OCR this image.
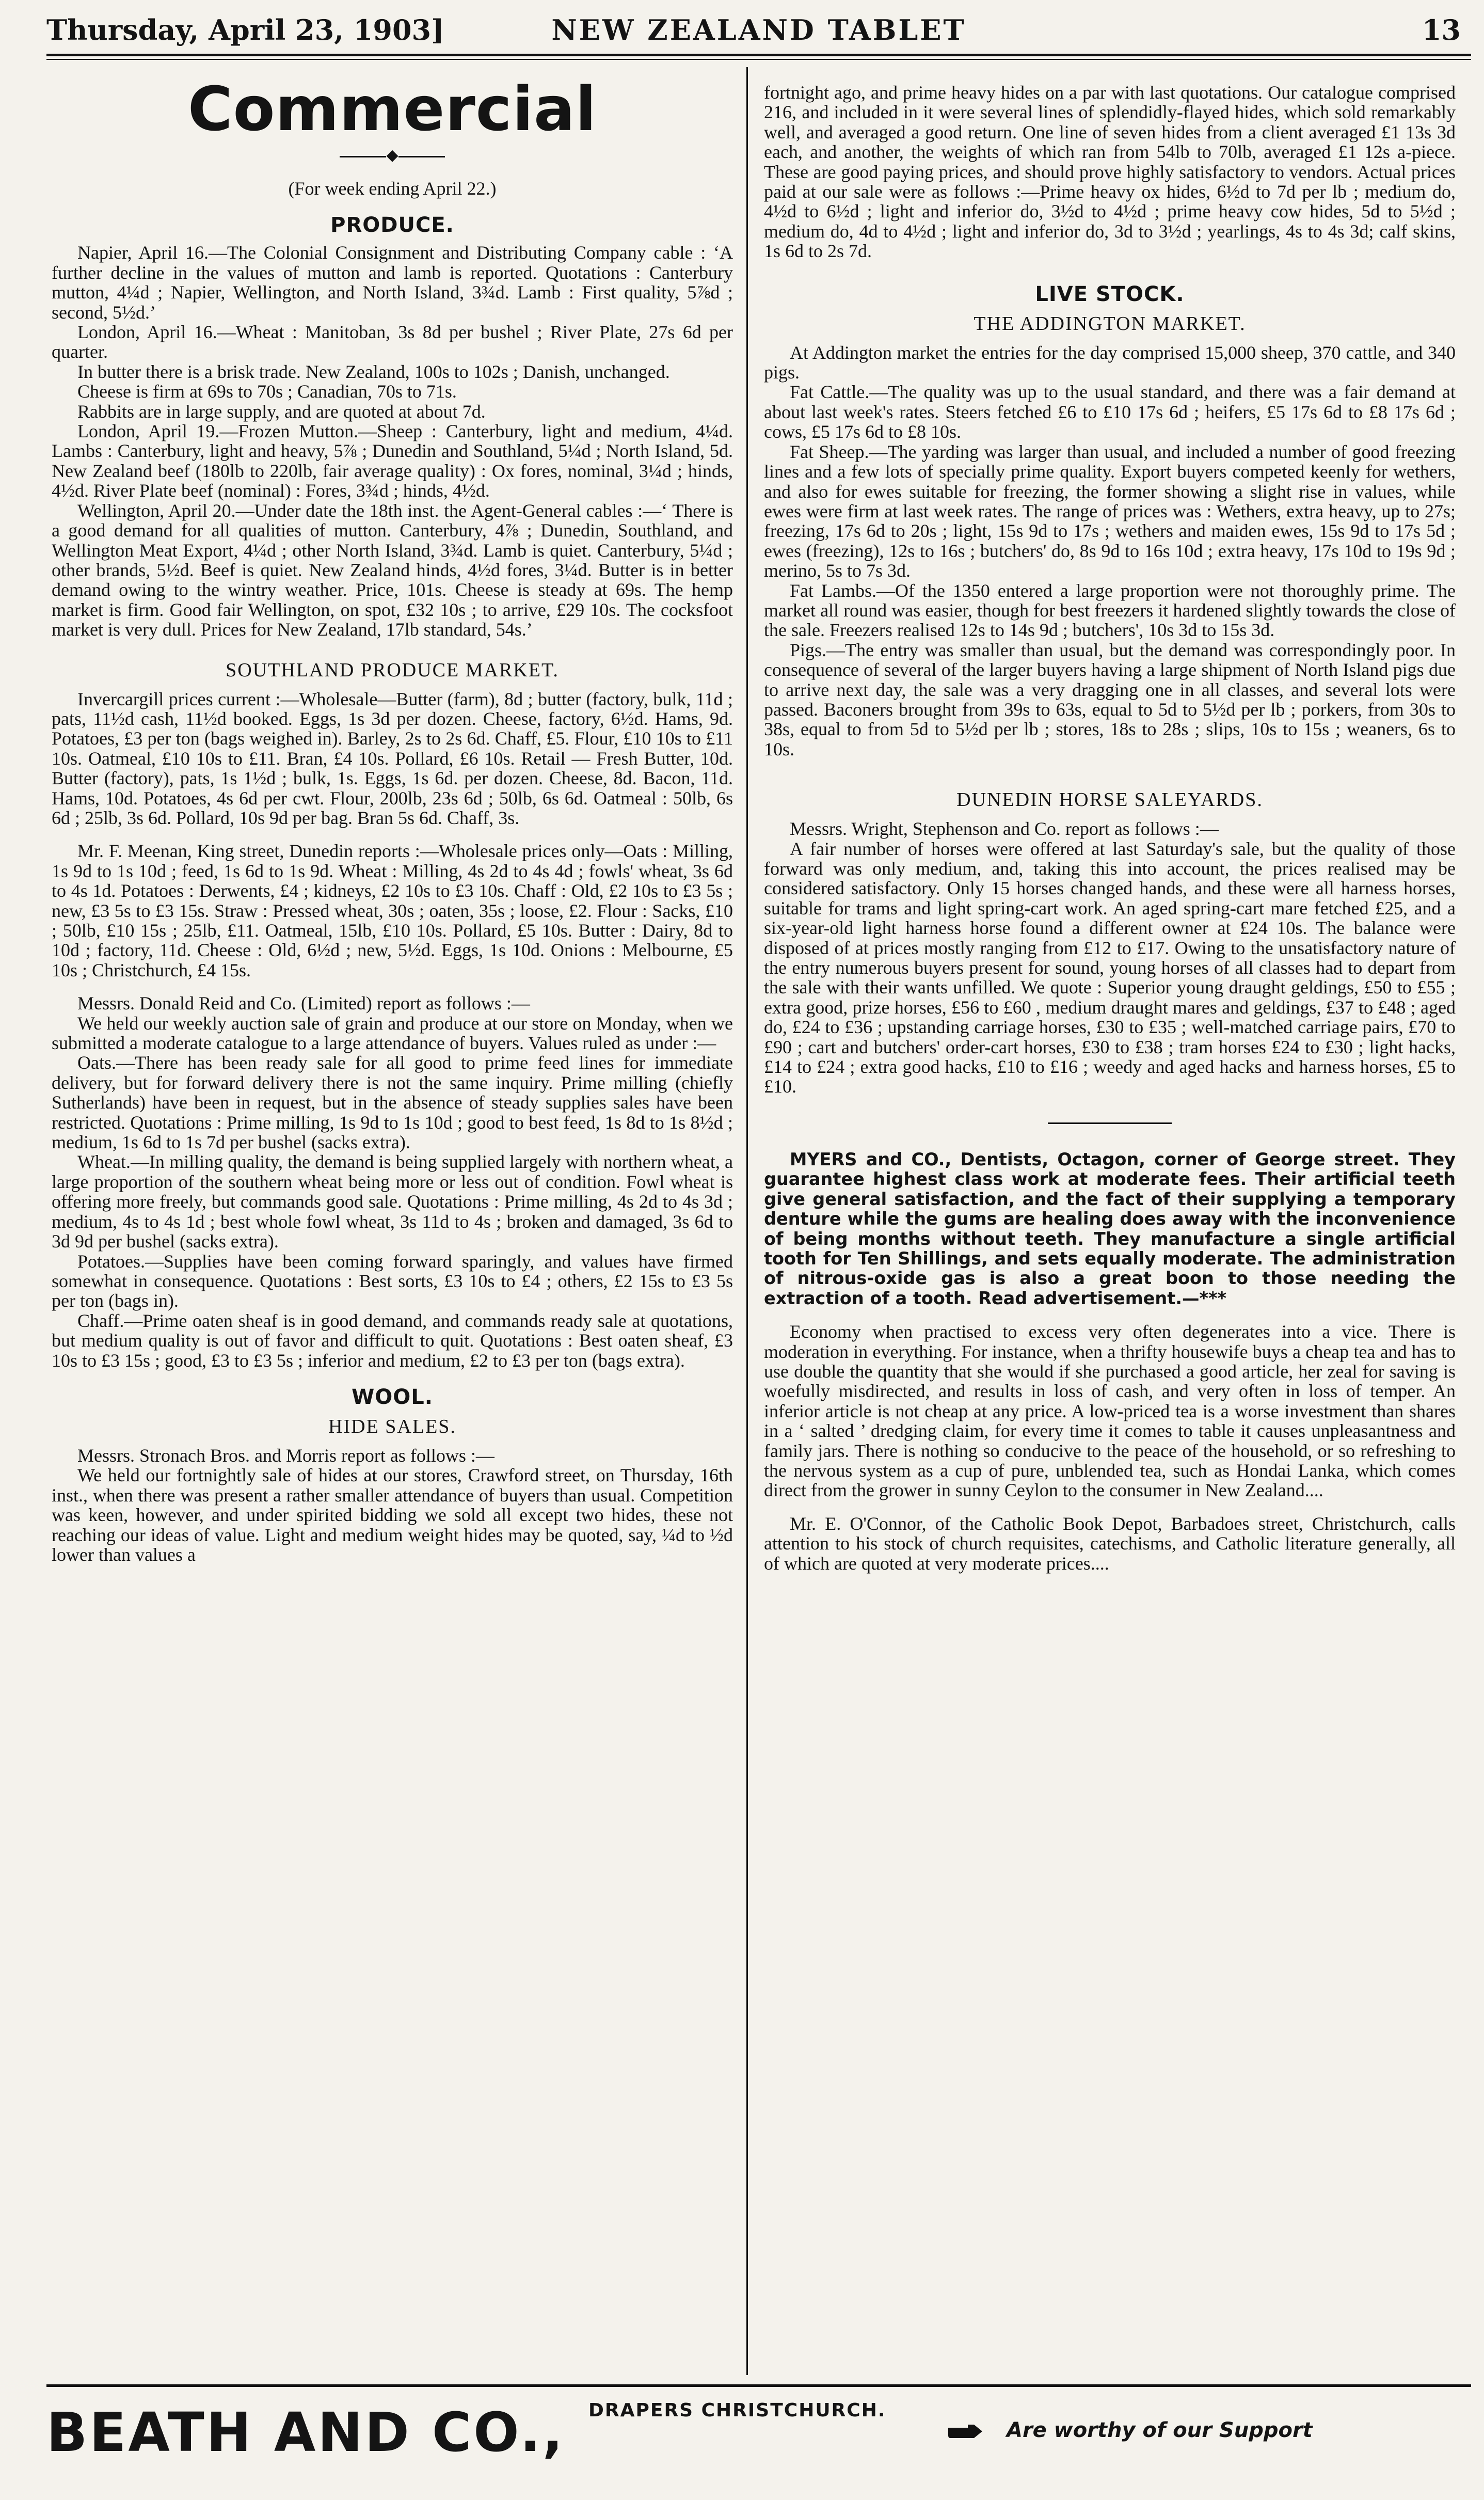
Thursday, April 23, 1903]	NEW ZEALAND TABLET	13
Commercial
◆

(For week ending April 22.)

PRODUCE.

Napier, April 16.—The Colonial Consignment and Distributing Company cable : ‘A further decline in the values of mutton and lamb is reported. Quotations : Canterbury mutton, 4¼d ; Napier, Wellington, and North Island, 3¾d. Lamb : First quality, 5⅞d ; second, 5½d.’

London, April 16.—Wheat : Manitoban, 3s 8d per bushel ; River Plate, 27s 6d per quarter.

In butter there is a brisk trade. New Zealand, 100s to 102s ; Danish, unchanged.

Cheese is firm at 69s to 70s ; Canadian, 70s to 71s.

Rabbits are in large supply, and are quoted at about 7d.

London, April 19.—Frozen Mutton.—Sheep : Canterbury, light and medium, 4¼d. Lambs : Canterbury, light and heavy, 5⅞ ; Dunedin and Southland, 5¼d ; North Island, 5d. New Zealand beef (180lb to 220lb, fair average quality) : Ox fores, nominal, 3¼d ; hinds, 4½d. River Plate beef (nominal) : Fores, 3¾d ; hinds, 4½d.

Wellington, April 20.—Under date the 18th inst. the Agent-General cables :—‘ There is a good demand for all qualities of mutton. Canterbury, 4⅞ ; Dunedin, Southland, and Wellington Meat Export, 4¼d ; other North Island, 3¾d. Lamb is quiet. Canterbury, 5¼d ; other brands, 5½d. Beef is quiet. New Zealand hinds, 4½d fores, 3¼d. Butter is in better demand owing to the wintry weather. Price, 101s. Cheese is steady at 69s. The hemp market is firm. Good fair Wellington, on spot, £32 10s ; to arrive, £29 10s. The cocksfoot market is very dull. Prices for New Zealand, 17lb standard, 54s.’

SOUTHLAND PRODUCE MARKET.

Invercargill prices current :—Wholesale—Butter (farm), 8d ; butter (factory, bulk, 11d ; pats, 11½d cash, 11½d booked. Eggs, 1s 3d per dozen. Cheese, factory, 6½d. Hams, 9d. Potatoes, £3 per ton (bags weighed in). Barley, 2s to 2s 6d. Chaff, £5. Flour, £10 10s to £11 10s. Oatmeal, £10 10s to £11. Bran, £4 10s. Pollard, £6 10s. Retail — Fresh Butter, 10d. Butter (factory), pats, 1s 1½d ; bulk, 1s. Eggs, 1s 6d. per dozen. Cheese, 8d. Bacon, 11d. Hams, 10d. Potatoes, 4s 6d per cwt. Flour, 200lb, 23s 6d ; 50lb, 6s 6d. Oatmeal : 50lb, 6s 6d ; 25lb, 3s 6d. Pollard, 10s 9d per bag. Bran 5s 6d. Chaff, 3s.

Mr. F. Meenan, King street, Dunedin reports :—Wholesale prices only—Oats : Milling, 1s 9d to 1s 10d ; feed, 1s 6d to 1s 9d. Wheat : Milling, 4s 2d to 4s 4d ; fowls' wheat, 3s 6d to 4s 1d. Potatoes : Derwents, £4 ; kidneys, £2 10s to £3 10s. Chaff : Old, £2 10s to £3 5s ; new, £3 5s to £3 15s. Straw : Pressed wheat, 30s ; oaten, 35s ; loose, £2. Flour : Sacks, £10 ; 50lb, £10 15s ; 25lb, £11. Oatmeal, 15lb, £10 10s. Pollard, £5 10s. Butter : Dairy, 8d to 10d ; factory, 11d. Cheese : Old, 6½d ; new, 5½d. Eggs, 1s 10d. Onions : Melbourne, £5 10s ; Christchurch, £4 15s.

Messrs. Donald Reid and Co. (Limited) report as follows :—

We held our weekly auction sale of grain and produce at our store on Monday, when we submitted a moderate catalogue to a large attendance of buyers. Values ruled as under :—

Oats.—There has been ready sale for all good to prime feed lines for immediate delivery, but for forward delivery there is not the same inquiry. Prime milling (chiefly Sutherlands) have been in request, but in the absence of steady supplies sales have been restricted. Quotations : Prime milling, 1s 9d to 1s 10d ; good to best feed, 1s 8d to 1s 8½d ; medium, 1s 6d to 1s 7d per bushel (sacks extra).

Wheat.—In milling quality, the demand is being supplied largely with northern wheat, a large proportion of the southern wheat being more or less out of condition. Fowl wheat is offering more freely, but commands good sale. Quotations : Prime milling, 4s 2d to 4s 3d ; medium, 4s to 4s 1d ; best whole fowl wheat, 3s 11d to 4s ; broken and damaged, 3s 6d to 3d 9d per bushel (sacks extra).

Potatoes.—Supplies have been coming forward sparingly, and values have firmed somewhat in consequence. Quotations : Best sorts, £3 10s to £4 ; others, £2 15s to £3 5s per ton (bags in).

Chaff.—Prime oaten sheaf is in good demand, and commands ready sale at quotations, but medium quality is out of favor and difficult to quit. Quotations : Best oaten sheaf, £3 10s to £3 15s ; good, £3 to £3 5s ; inferior and medium, £2 to £3 per ton (bags extra).

WOOL.
HIDE SALES.

Messrs. Stronach Bros. and Morris report as follows :—

We held our fortnightly sale of hides at our stores, Crawford street, on Thursday, 16th inst., when there was present a rather smaller attendance of buyers than usual. Competition was keen, however, and under spirited bidding we sold all except two hides, these not reaching our ideas of value. Light and medium weight hides may be quoted, say, ¼d to ½d lower than values a

fortnight ago, and prime heavy hides on a par with last quotations. Our catalogue comprised 216, and included in it were several lines of splendidly-flayed hides, which sold remarkably well, and averaged a good return. One line of seven hides from a client averaged £1 13s 3d each, and another, the weights of which ran from 54lb to 70lb, averaged £1 12s a-piece. These are good paying prices, and should prove highly satisfactory to vendors. Actual prices paid at our sale were as follows :—Prime heavy ox hides, 6½d to 7d per lb ; medium do, 4½d to 6½d ; light and inferior do, 3½d to 4½d ; prime heavy cow hides, 5d to 5½d ; medium do, 4d to 4½d ; light and inferior do, 3d to 3½d ; yearlings, 4s to 4s 3d; calf skins, 1s 6d to 2s 7d.

LIVE STOCK.
THE ADDINGTON MARKET.

At Addington market the entries for the day comprised 15,000 sheep, 370 cattle, and 340 pigs.

Fat Cattle.—The quality was up to the usual standard, and there was a fair demand at about last week's rates. Steers fetched £6 to £10 17s 6d ; heifers, £5 17s 6d to £8 17s 6d ; cows, £5 17s 6d to £8 10s.

Fat Sheep.—The yarding was larger than usual, and included a number of good freezing lines and a few lots of specially prime quality. Export buyers competed keenly for wethers, and also for ewes suitable for freezing, the former showing a slight rise in values, while ewes were firm at last week rates. The range of prices was : Wethers, extra heavy, up to 27s; freezing, 17s 6d to 20s ; light, 15s 9d to 17s ; wethers and maiden ewes, 15s 9d to 17s 5d ; ewes (freezing), 12s to 16s ; butchers' do, 8s 9d to 16s 10d ; extra heavy, 17s 10d to 19s 9d ; merino, 5s to 7s 3d.

Fat Lambs.—Of the 1350 entered a large proportion were not thoroughly prime. The market all round was easier, though for best freezers it hardened slightly towards the close of the sale. Freezers realised 12s to 14s 9d ; butchers', 10s 3d to 15s 3d.

Pigs.—The entry was smaller than usual, but the demand was correspondingly poor. In consequence of several of the larger buyers having a large shipment of North Island pigs due to arrive next day, the sale was a very dragging one in all classes, and several lots were passed. Baconers brought from 39s to 63s, equal to 5d to 5½d per lb ; porkers, from 30s to 38s, equal to from 5d to 5½d per lb ; stores, 18s to 28s ; slips, 10s to 15s ; weaners, 6s to 10s.

DUNEDIN HORSE SALEYARDS.

Messrs. Wright, Stephenson and Co. report as follows :—

A fair number of horses were offered at last Saturday's sale, but the quality of those forward was only medium, and, taking this into account, the prices realised may be considered satisfactory. Only 15 horses changed hands, and these were all harness horses, suitable for trams and light spring-cart work. An aged spring-cart mare fetched £25, and a six-year-old light harness horse found a different owner at £24 10s. The balance were disposed of at prices mostly ranging from £12 to £17. Owing to the unsatisfactory nature of the entry numerous buyers present for sound, young horses of all classes had to depart from the sale with their wants unfilled. We quote : Superior young draught geldings, £50 to £55 ; extra good, prize horses, £56 to £60 , medium draught mares and geldings, £37 to £48 ; aged do, £24 to £36 ; upstanding carriage horses, £30 to £35 ; well-matched carriage pairs, £70 to £90 ; cart and butchers' order-cart horses, £30 to £38 ; tram horses £24 to £30 ; light hacks, £14 to £24 ; extra good hacks, £10 to £16 ; weedy and aged hacks and harness horses, £5 to £10.

MYERS and CO., Dentists, Octagon, corner of George street. They guarantee highest class work at moderate fees. Their artificial teeth give general satisfaction, and the fact of their supplying a temporary denture while the gums are healing does away with the inconvenience of being months without teeth. They manufacture a single artificial tooth for Ten Shillings, and sets equally moderate. The administration of nitrous-oxide gas is also a great boon to those needing the extraction of a tooth. Read advertisement.—***

Economy when practised to excess very often degenerates into a vice. There is moderation in everything. For instance, when a thrifty housewife buys a cheap tea and has to use double the quantity that she would if she purchased a good article, her zeal for saving is woefully misdirected, and results in loss of cash, and very often in loss of temper. An inferior article is not cheap at any price. A low-priced tea is a worse investment than shares in a ‘ salted ’ dredging claim, for every time it comes to table it causes unpleasantness and family jars. There is nothing so conducive to the peace of the household, or so refreshing to the nervous system as a cup of pure, unblended tea, such as Hondai Lanka, which comes direct from the grower in sunny Ceylon to the consumer in New Zealand....

Mr. E. O'Connor, of the Catholic Book Depot, Barbadoes street, Christchurch, calls attention to his stock of church requisites, catechisms, and Catholic literature generally, all of which are quoted at very moderate prices....

BEATH AND CO., DRAPERS CHRISTCHURCH.
Are worthy of our Support
